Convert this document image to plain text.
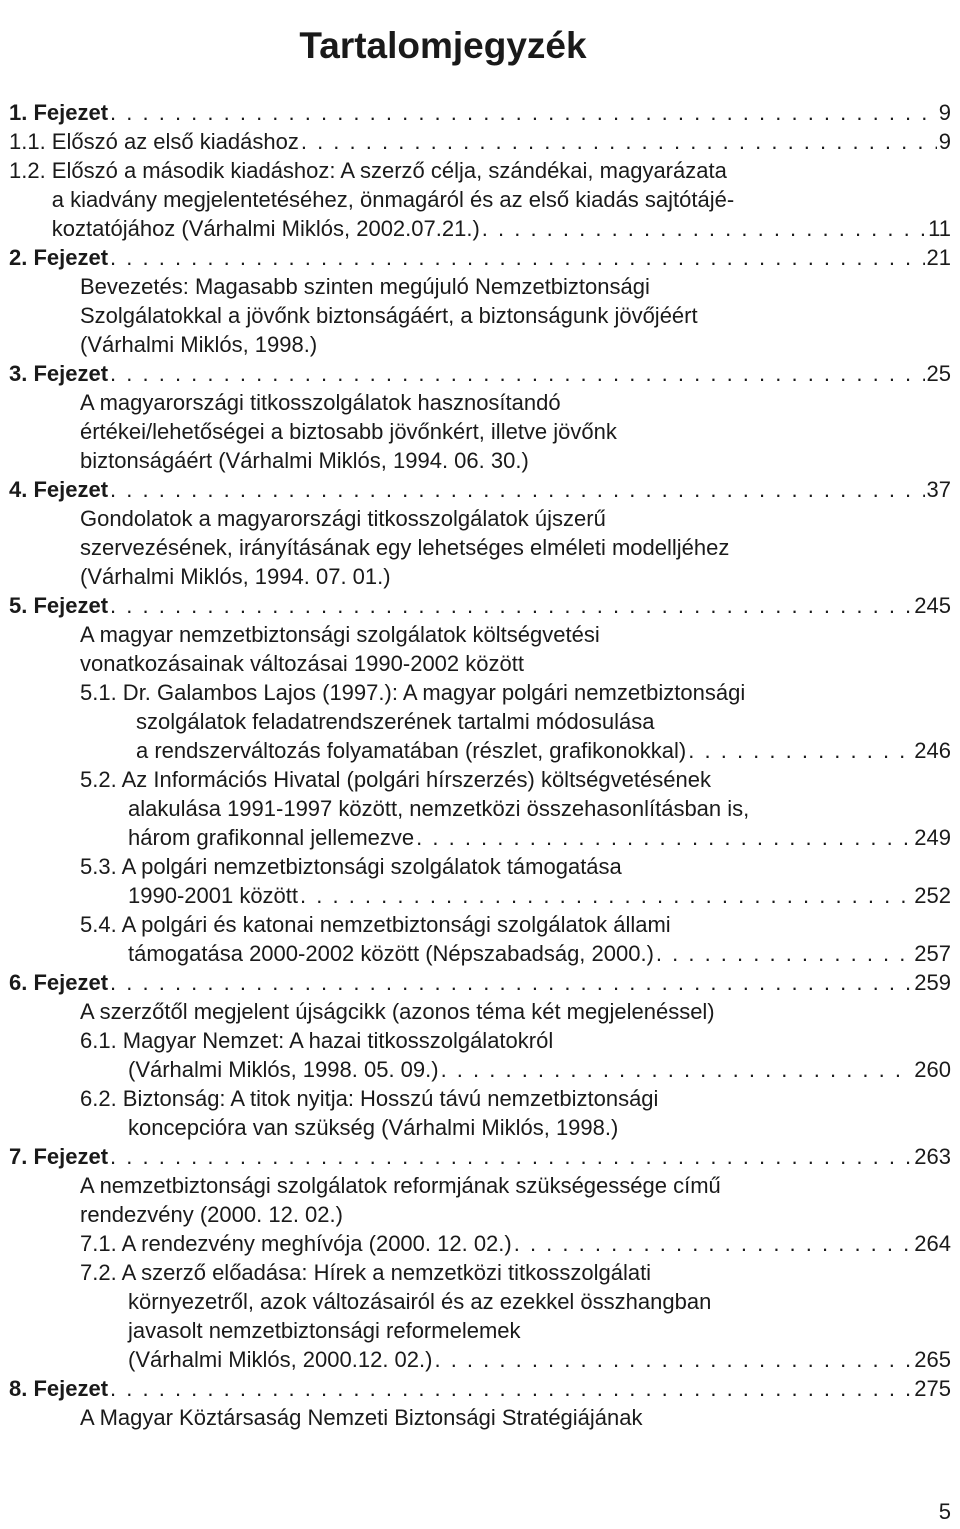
Tartalomjegyzék
1. Fejezet . . .	9
1.1. Előszó az első kiadáshoz . . .	9
1.2. Előszó a második kiadáshoz: A szerző célja, szándékai, magyarázata
a kiadvány megjelentetéséhez, önmagáról és az első kiadás sajtótájé-
koztatójához (Várhalmi Miklós, 2002.07.21.) . . .	11
2. Fejezet . . .	21
Bevezetés: Magasabb szinten megújuló Nemzetbiztonsági
Szolgálatokkal a jövőnk biztonságáért, a biztonságunk jövőjéért
(Várhalmi Miklós, 1998.)
3. Fejezet . . .	25
A magyarországi titkosszolgálatok hasznosítandó
értékei/lehetőségei a biztosabb jövőnkért, illetve jövőnk
biztonságáért (Várhalmi Miklós, 1994. 06. 30.)
4. Fejezet . . .	37
Gondolatok a magyarországi titkosszolgálatok újszerű
szervezésének, irányításának egy lehetséges elméleti modelljéhez
(Várhalmi Miklós, 1994. 07. 01.)
5. Fejezet . . .	245
A magyar nemzetbiztonsági szolgálatok költségvetési
vonatkozásainak változásai 1990-2002 között
5.1. Dr. Galambos Lajos (1997.): A magyar polgári nemzetbiztonsági
szolgálatok feladatrendszerének tartalmi módosulása
a rendszerváltozás folyamatában (részlet, grafikonokkal) . . .	246
5.2. Az Információs Hivatal (polgári hírszerzés) költségvetésének
alakulása 1991-1997 között, nemzetközi összehasonlításban is,
három grafikonnal jellemezve . . .	249
5.3. A polgári nemzetbiztonsági szolgálatok támogatása
1990-2001 között . . .	252
5.4. A polgári és katonai nemzetbiztonsági szolgálatok állami
támogatása 2000-2002 között (Népszabadság, 2000.) . . .	257
6. Fejezet . . .	259
A szerzőtől megjelent újságcikk (azonos téma két megjelenéssel)
6.1. Magyar Nemzet: A hazai titkosszolgálatokról
(Várhalmi Miklós, 1998. 05. 09.) . . .	260
6.2. Biztonság: A titok nyitja: Hosszú távú nemzetbiztonsági
koncepcióra van szükség (Várhalmi Miklós, 1998.)
7. Fejezet . . .	263
A nemzetbiztonsági szolgálatok reformjának szükségessége című
rendezvény (2000. 12. 02.)
7.1. A rendezvény meghívója (2000. 12. 02.) . . .	264
7.2. A szerző előadása: Hírek a nemzetközi titkosszolgálati
környezetről, azok változásairól és az ezekkel összhangban
javasolt nemzetbiztonsági reformelemek
(Várhalmi Miklós, 2000.12. 02.) . . .	265
8. Fejezet . . .	275
A Magyar Köztársaság Nemzeti Biztonsági Stratégiájának
5
